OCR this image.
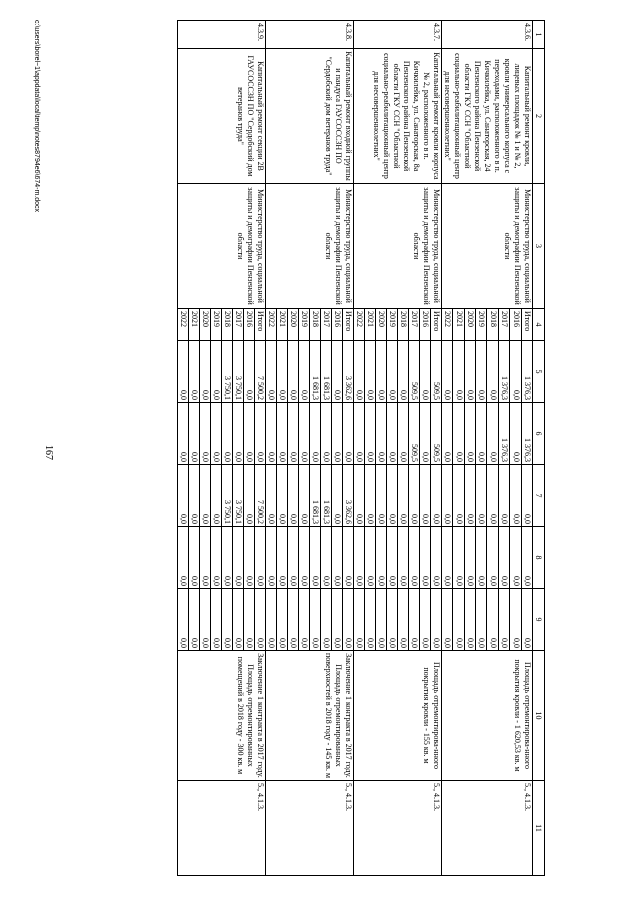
167
1	2	3	4	5	6	7	8	9	10	11
4.3.6.	Капитальный ремонт кровли, лицевых площадок № 1 и № 2, кровли универсального корпуса с переходами, расположенного в п. Кичкилейка, ул. Санаторская, 24 Пензенского района Пензенской области ГКУ ССН "Областной социально-реабилитационный центр для несовершеннолетних"	Министерство труда, социальной защиты и демографии Пензенской области	Итого	1 376,3	1 376,3	0,0	0,0	0,0	Площадь отремонтирова-нного покрытия кровли - 1 620,53 кв. м	5., 4.1.3.
			2016	0,0	0,0	0,0	0,0	0,0		
			2017	1 376,3	1 376,3	0,0	0,0	0,0		
			2018	0,0	0,0	0,0	0,0	0,0		
			2019	0,0	0,0	0,0	0,0	0,0		
			2020	0,0	0,0	0,0	0,0	0,0		
			2021	0,0	0,0	0,0	0,0	0,0		
			2022	0,0	0,0	0,0	0,0	0,0		
4.3.7.	Капитальный ремонт кровли корпуса № 2, расположенного в п. Кичкилейка, ул. Санаторская, 8а Пензенского района Пензенской области ГКУ ССН "Областной социально-реабилитационный центр для несовершеннолетних"	Министерство труда, социальной защиты и демографии Пензенской области	Итого	509,5	509,5	0,0	0,0	0,0	Площадь отремонтирова-нного покрытия кровли - 155 кв. м	5., 4.1.3.
			2016	0,0	0,0	0,0	0,0	0,0		
			2017	509,5	509,5	0,0	0,0	0,0		
			2018	0,0	0,0	0,0	0,0	0,0		
			2019	0,0	0,0	0,0	0,0	0,0		
			2020	0,0	0,0	0,0	0,0	0,0		
			2021	0,0	0,0	0,0	0,0	0,0		
			2022	0,0	0,0	0,0	0,0	0,0		
4.3.8.	Капитальный ремонт входной группы и пандуса ГАУСОССЗН ПО "Сердобский дом ветеранов труда"	Министерство труда, социальной защиты и демографии Пензенской области	Итого	3 362,6	0,0	3 362,6	0,0	0,0	Заключение 1 контракта в 2017 году. Площадь отремонтированных поверхностей в 2018 году - 145 кв. м	5., 4.1.3.
			2016	0,0	0,0	0,0	0,0	0,0		
			2017	1 681,3	0,0	1 681,3	0,0	0,0		
			2018	1 681,3	0,0	1 681,3	0,0	0,0		
			2019	0,0	0,0	0,0	0,0	0,0		
			2020	0,0	0,0	0,0	0,0	0,0		
			2021	0,0	0,0	0,0	0,0	0,0		
			2022	0,0	0,0	0,0	0,0	0,0		
4.3.9.	Капитальный ремонт секции 2В ГАУСОССЗН ПО "Сердобский дом ветеранов труда"	Министерство труда, социальной защиты и демографии Пензенской области	Итого	7 500,2	0,0	7 500,2	0,0	0,0	Заключение 1 контракта в 2017 году. Площадь отремонтированных помещений в 2018 году - 300 кв. м	5., 4.1.3.
			2016	0,0	0,0	0,0	0,0	0,0		
			2017	3 750,1	0,0	3 750,1	0,0	0,0		
			2018	3 750,1	0,0	3 750,1	0,0	0,0		
			2019	0,0	0,0	0,0	0,0	0,0		
			2020	0,0	0,0	0,0	0,0	0,0		
			2021	0,0	0,0	0,0	0,0	0,0		
			2022	0,0	0,0	0,0	0,0	0,0		
c:\users\borel~1\appdata\local\temp\notes8794e6\674-m.docx
